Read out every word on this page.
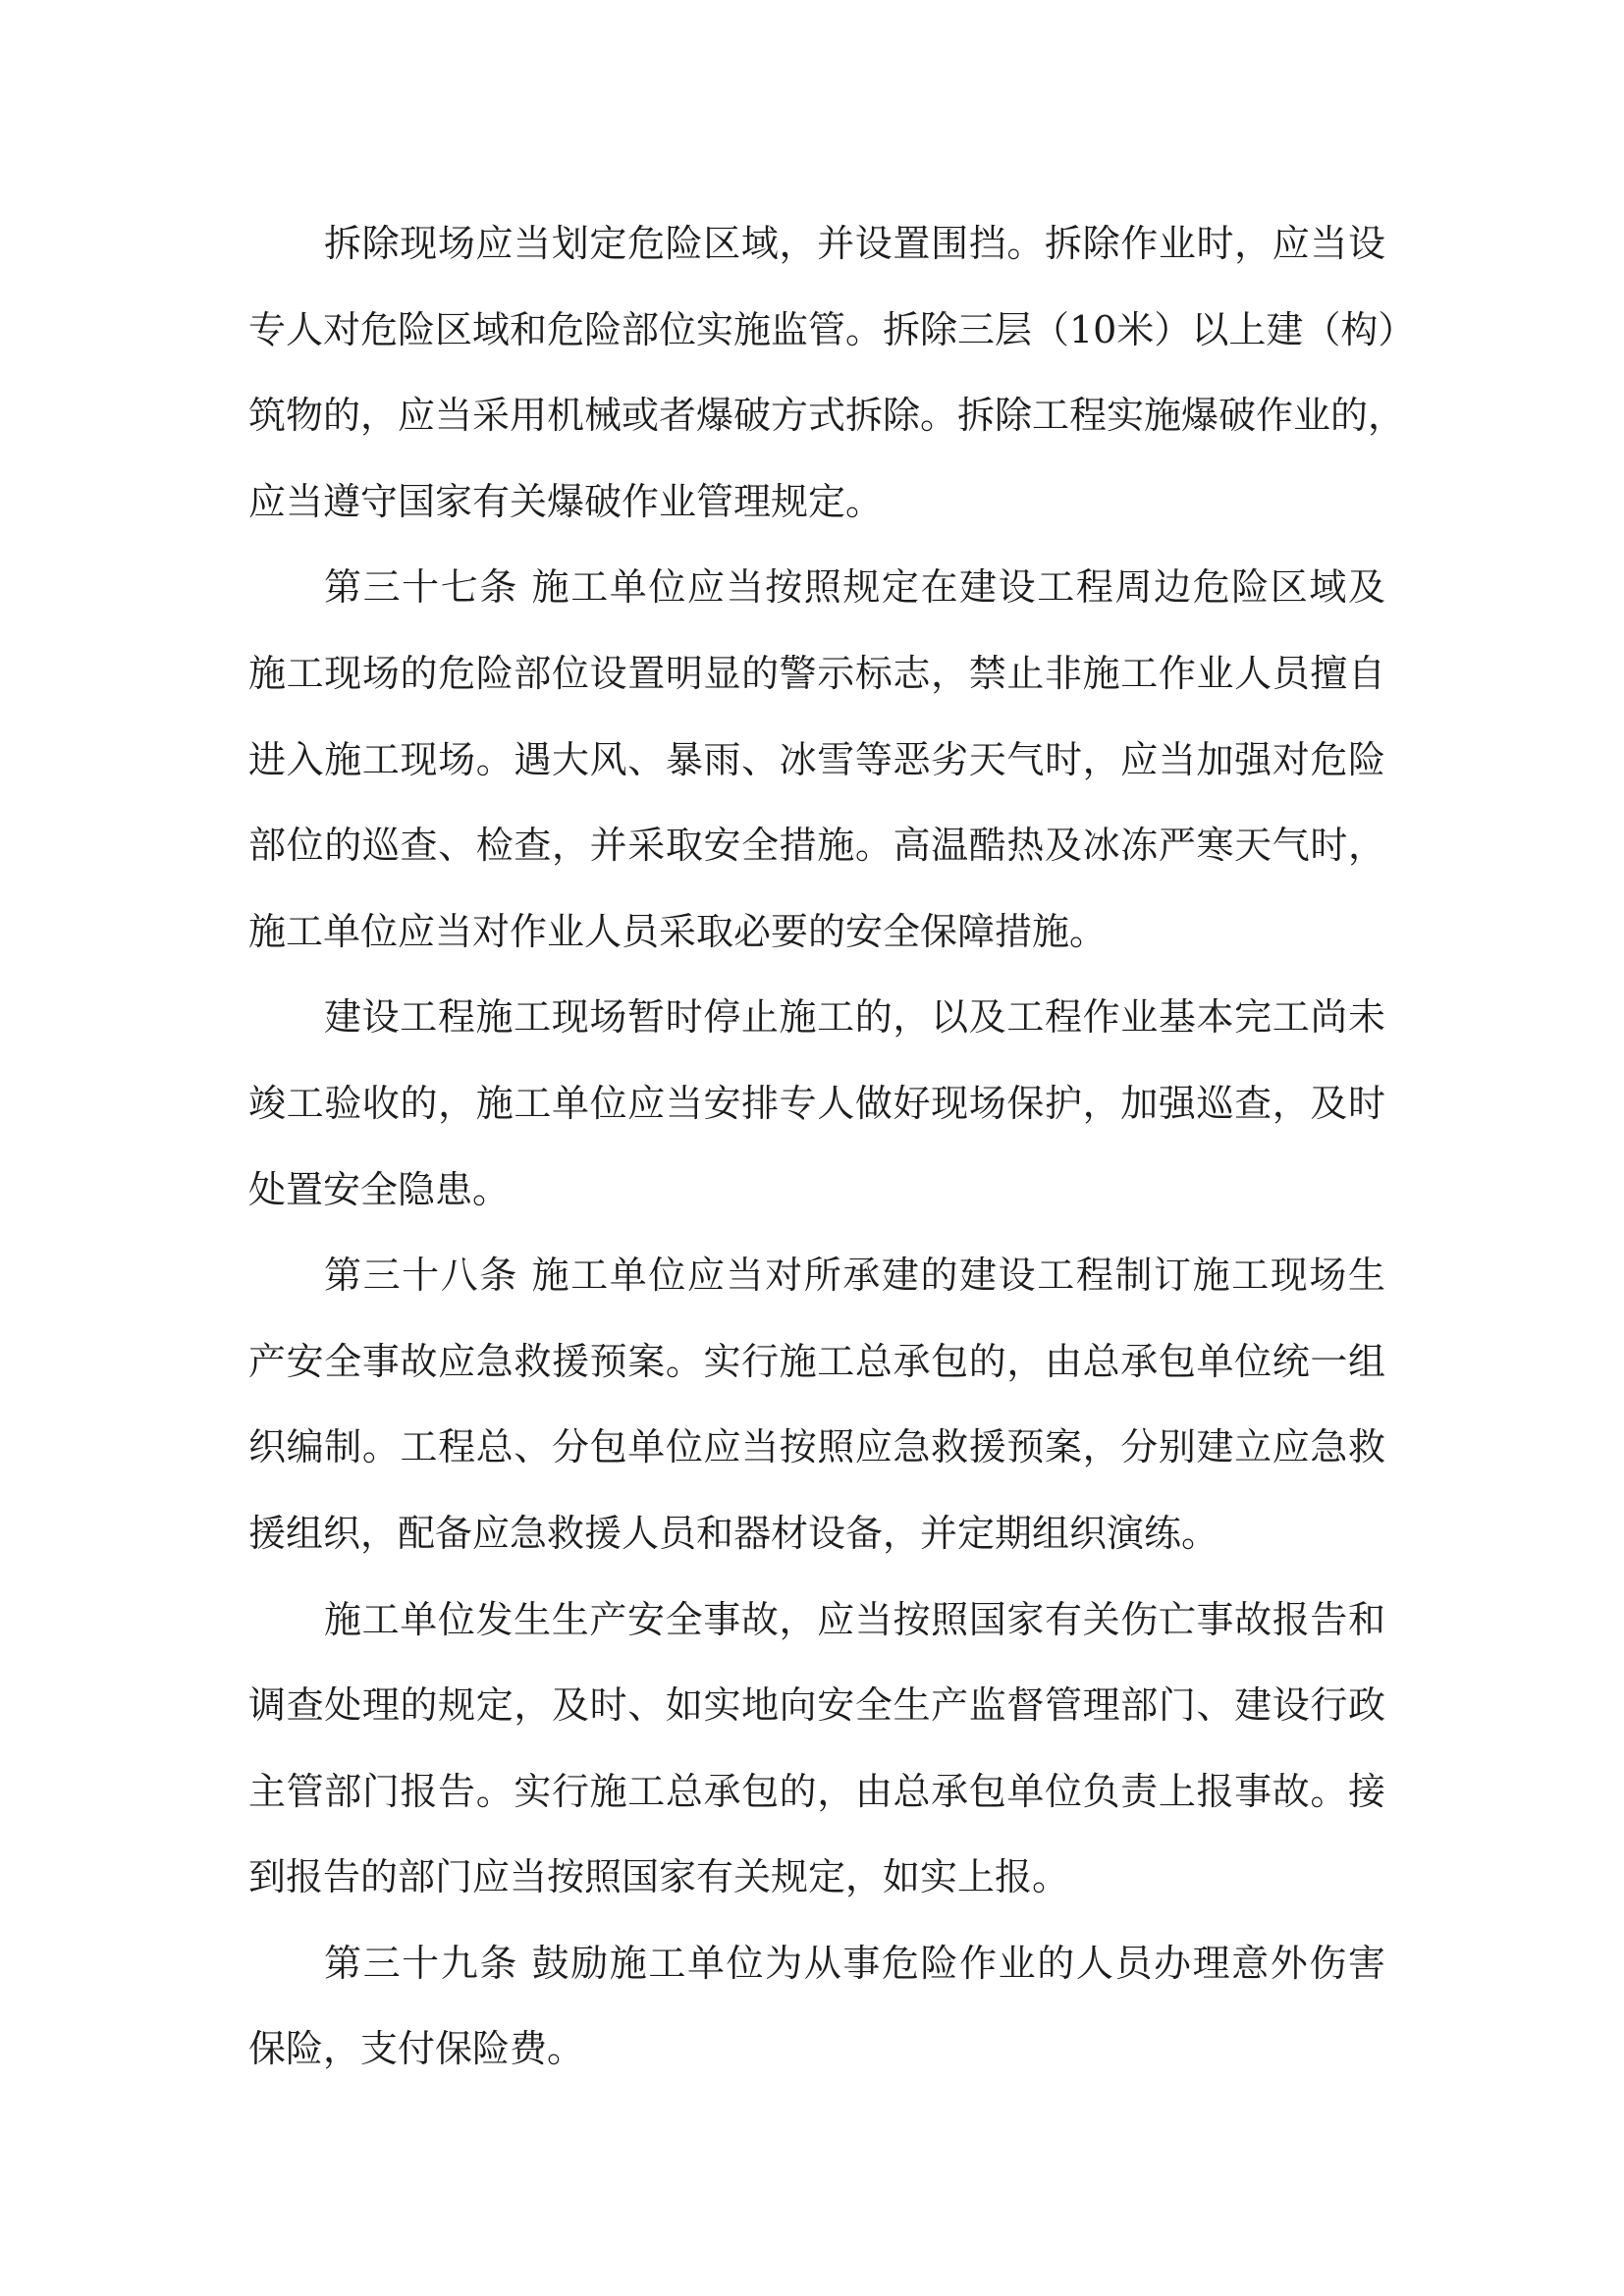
拆除现场应当划定危险区域，并设置围挡。拆除作业时，应当设
专人对危险区域和危险部位实施监管。拆除三层（10米）以上建（构）
筑物的，应当采用机械或者爆破方式拆除。拆除工程实施爆破作业的，
应当遵守国家有关爆破作业管理规定。
第三十七条 施工单位应当按照规定在建设工程周边危险区域及
施工现场的危险部位设置明显的警示标志，禁止非施工作业人员擅自
进入施工现场。遇大风、暴雨、冰雪等恶劣天气时，应当加强对危险
部位的巡查、检查，并采取安全措施。高温酷热及冰冻严寒天气时，
施工单位应当对作业人员采取必要的安全保障措施。
建设工程施工现场暂时停止施工的，以及工程作业基本完工尚未
竣工验收的，施工单位应当安排专人做好现场保护，加强巡查，及时
处置安全隐患。
第三十八条 施工单位应当对所承建的建设工程制订施工现场生
产安全事故应急救援预案。实行施工总承包的，由总承包单位统一组
织编制。工程总、分包单位应当按照应急救援预案，分别建立应急救
援组织，配备应急救援人员和器材设备，并定期组织演练。
施工单位发生生产安全事故，应当按照国家有关伤亡事故报告和
调查处理的规定，及时、如实地向安全生产监督管理部门、建设行政
主管部门报告。实行施工总承包的，由总承包单位负责上报事故。接
到报告的部门应当按照国家有关规定，如实上报。
第三十九条 鼓励施工单位为从事危险作业的人员办理意外伤害
保险，支付保险费。
